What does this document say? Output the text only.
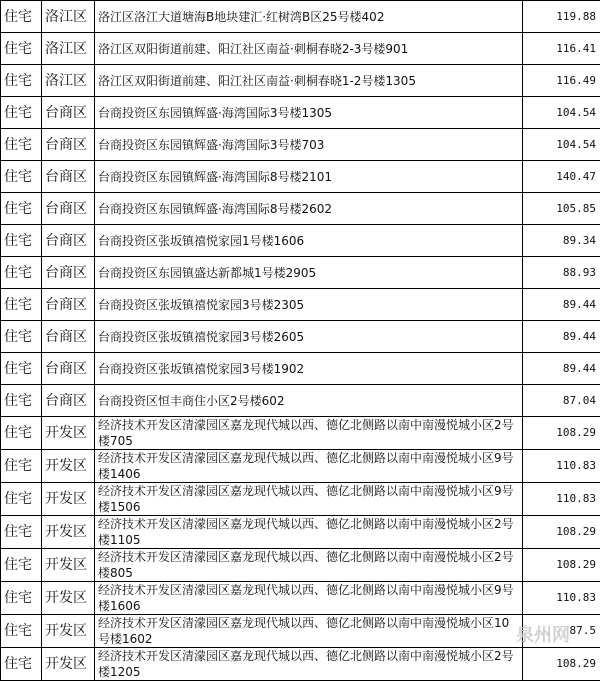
住宅	洛江区	洛江区洛江大道塘海B地块建汇·红树湾B区25号楼402	119.88
住宅	洛江区	洛江区双阳街道前建、阳江社区南益·刺桐春晓2-3号楼901	116.41
住宅	洛江区	洛江区双阳街道前建、阳江社区南益·刺桐春晓1-2号楼1305	116.49
住宅	台商区	台商投资区东园镇辉盛·海湾国际3号楼1305	104.54
住宅	台商区	台商投资区东园镇辉盛·海湾国际3号楼703	104.54
住宅	台商区	台商投资区东园镇辉盛·海湾国际8号楼2101	140.47
住宅	台商区	台商投资区东园镇辉盛·海湾国际8号楼2602	105.85
住宅	台商区	台商投资区张坂镇禧悦家园1号楼1606	89.34
住宅	台商区	台商投资区东园镇盛达新都城1号楼2905	88.93
住宅	台商区	台商投资区张坂镇禧悦家园3号楼2305	89.44
住宅	台商区	台商投资区张坂镇禧悦家园3号楼2605	89.44
住宅	台商区	台商投资区张坂镇禧悦家园3号楼1902	89.44
住宅	台商区	台商投资区恒丰商住小区2号楼602	87.04
住宅	开发区	经济技术开发区清濛园区嘉龙现代城以西、德亿北侧路以南中南漫悦城小区2号楼705	108.29
住宅	开发区	经济技术开发区清濛园区嘉龙现代城以西、德亿北侧路以南中南漫悦城小区9号楼1406	110.83
住宅	开发区	经济技术开发区清濛园区嘉龙现代城以西、德亿北侧路以南中南漫悦城小区9号楼1506	110.83
住宅	开发区	经济技术开发区清濛园区嘉龙现代城以西、德亿北侧路以南中南漫悦城小区2号楼1105	108.29
住宅	开发区	经济技术开发区清濛园区嘉龙现代城以西、德亿北侧路以南中南漫悦城小区2号楼805	108.29
住宅	开发区	经济技术开发区清濛园区嘉龙现代城以西、德亿北侧路以南中南漫悦城小区9号楼1606	110.83
住宅	开发区	经济技术开发区清濛园区嘉龙现代城以西、德亿北侧路以南中南漫悦城小区10号楼1602	87.5
住宅	开发区	经济技术开发区清濛园区嘉龙现代城以西、德亿北侧路以南中南漫悦城小区2号楼1205	108.29
泉州网
